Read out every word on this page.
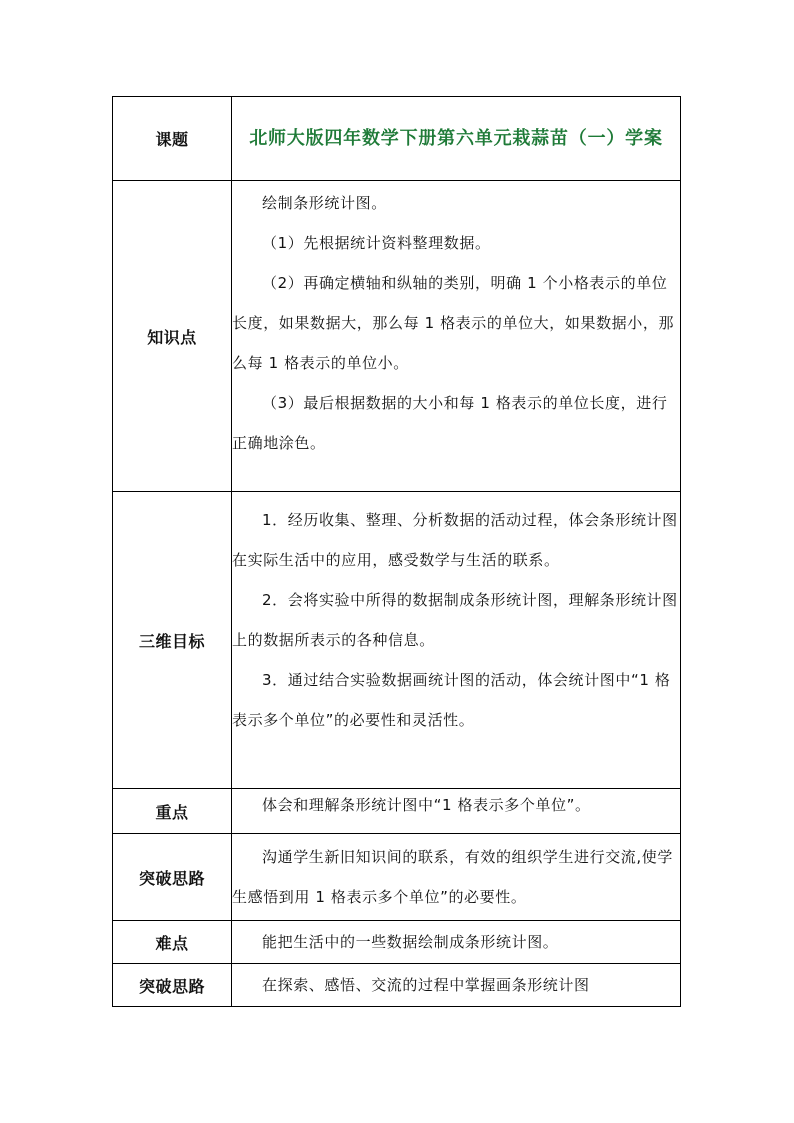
课题	北师大版四年数学下册第六单元栽蒜苗（一）学案
知识点	绘制条形统计图。

（1）先根据统计资料整理数据。

（2）再确定横轴和纵轴的类别，明确 1 个小格表示的单位长度，如果数据大，那么每 1 格表示的单位大，如果数据小，那么每 1 格表示的单位小。

（3）最后根据数据的大小和每 1 格表示的单位长度，进行正确地涂色。

三维目标	1．经历收集、整理、分析数据的活动过程，体会条形统计图在实际生活中的应用，感受数学与生活的联系。

2．会将实验中所得的数据制成条形统计图，理解条形统计图上的数据所表示的各种信息。

3．通过结合实验数据画统计图的活动，体会统计图中“1 格表示多个单位”的必要性和灵活性。

重点	体会和理解条形统计图中“1 格表示多个单位”。

突破思路	沟通学生新旧知识间的联系，有效的组织学生进行交流,使学生感悟到用 1 格表示多个单位”的必要性。

难点	能把生活中的一些数据绘制成条形统计图。

突破思路	在探索、感悟、交流的过程中掌握画条形统计图
